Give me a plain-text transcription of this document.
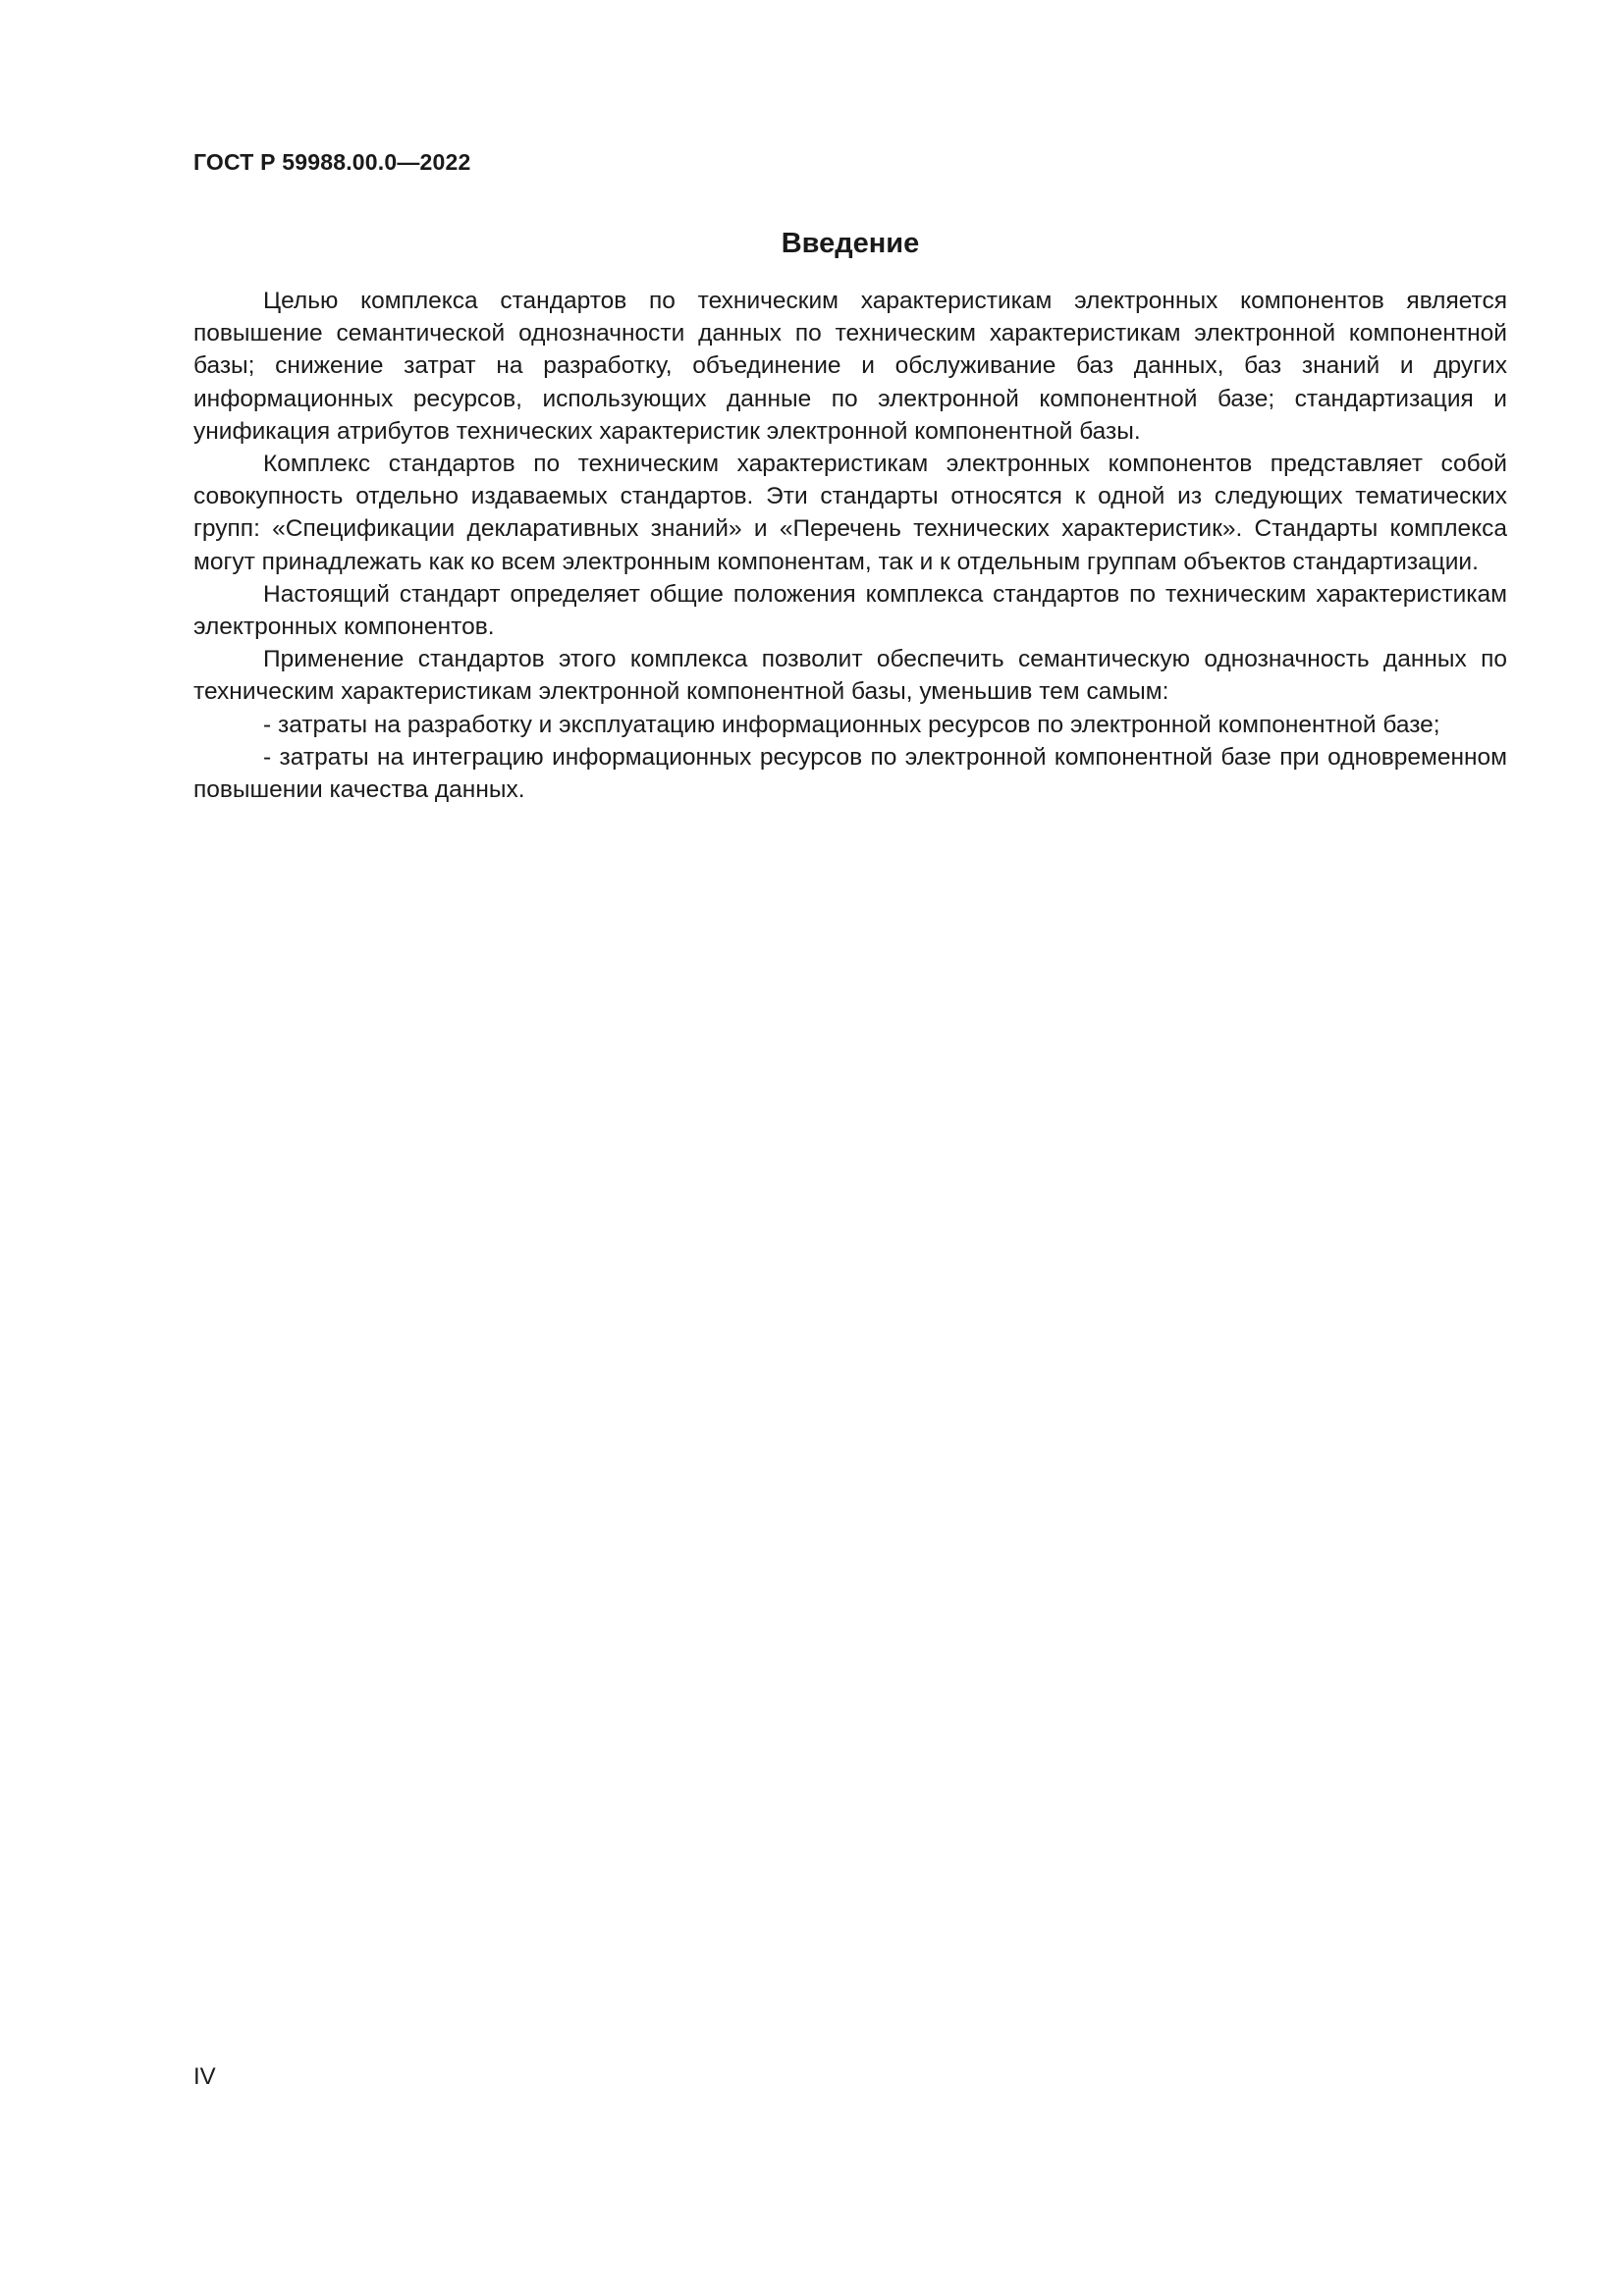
ГОСТ Р 59988.00.0—2022
Введение

Целью комплекса стандартов по техническим характеристикам электронных компонентов является повышение семантической однозначности данных по техническим характеристикам электронной компонентной базы; снижение затрат на разработку, объединение и обслуживание баз данных, баз знаний и других информационных ресурсов, использующих данные по электронной компонентной базе; стандартизация и унификация атрибутов технических характеристик электронной компонентной базы.

Комплекс стандартов по техническим характеристикам электронных компонентов представляет собой совокупность отдельно издаваемых стандартов. Эти стандарты относятся к одной из следующих тематических групп: «Спецификации декларативных знаний» и «Перечень технических характеристик». Стандарты комплекса могут принадлежать как ко всем электронным компонентам, так и к отдельным группам объектов стандартизации.

Настоящий стандарт определяет общие положения комплекса стандартов по техническим характеристикам электронных компонентов.

Применение стандартов этого комплекса позволит обеспечить семантическую однозначность данных по техническим характеристикам электронной компонентной базы, уменьшив тем самым:

- затраты на разработку и эксплуатацию информационных ресурсов по электронной компонентной базе;

- затраты на интеграцию информационных ресурсов по электронной компонентной базе при одновременном повышении качества данных.

IV
